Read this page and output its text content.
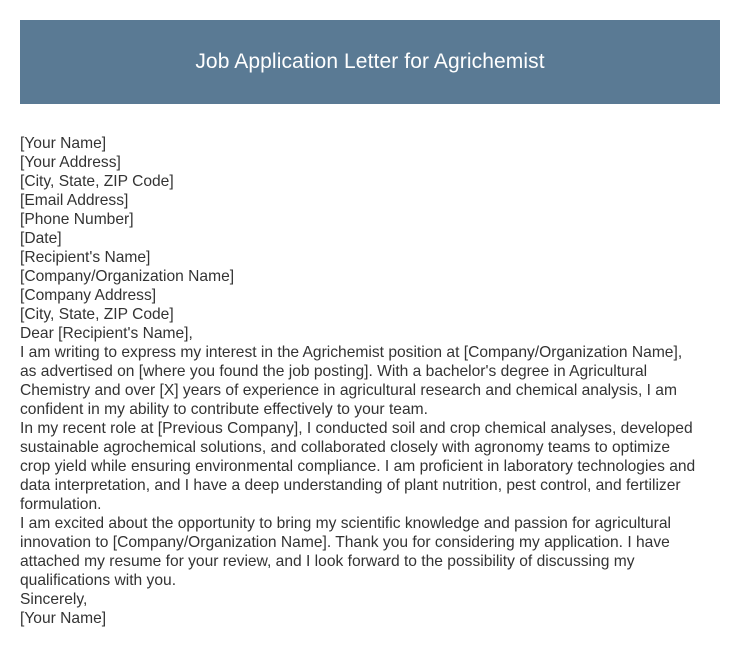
Job Application Letter for Agrichemist
[Your Name]
[Your Address]
[City, State, ZIP Code]
[Email Address]
[Phone Number]
[Date]
[Recipient's Name]
[Company/Organization Name]
[Company Address]
[City, State, ZIP Code]
Dear [Recipient's Name],
I am writing to express my interest in the Agrichemist position at [Company/Organization Name],
as advertised on [where you found the job posting]. With a bachelor's degree in Agricultural
Chemistry and over [X] years of experience in agricultural research and chemical analysis, I am
confident in my ability to contribute effectively to your team.
In my recent role at [Previous Company], I conducted soil and crop chemical analyses, developed
sustainable agrochemical solutions, and collaborated closely with agronomy teams to optimize
crop yield while ensuring environmental compliance. I am proficient in laboratory technologies and
data interpretation, and I have a deep understanding of plant nutrition, pest control, and fertilizer
formulation.
I am excited about the opportunity to bring my scientific knowledge and passion for agricultural
innovation to [Company/Organization Name]. Thank you for considering my application. I have
attached my resume for your review, and I look forward to the possibility of discussing my
qualifications with you.
Sincerely,
[Your Name]
